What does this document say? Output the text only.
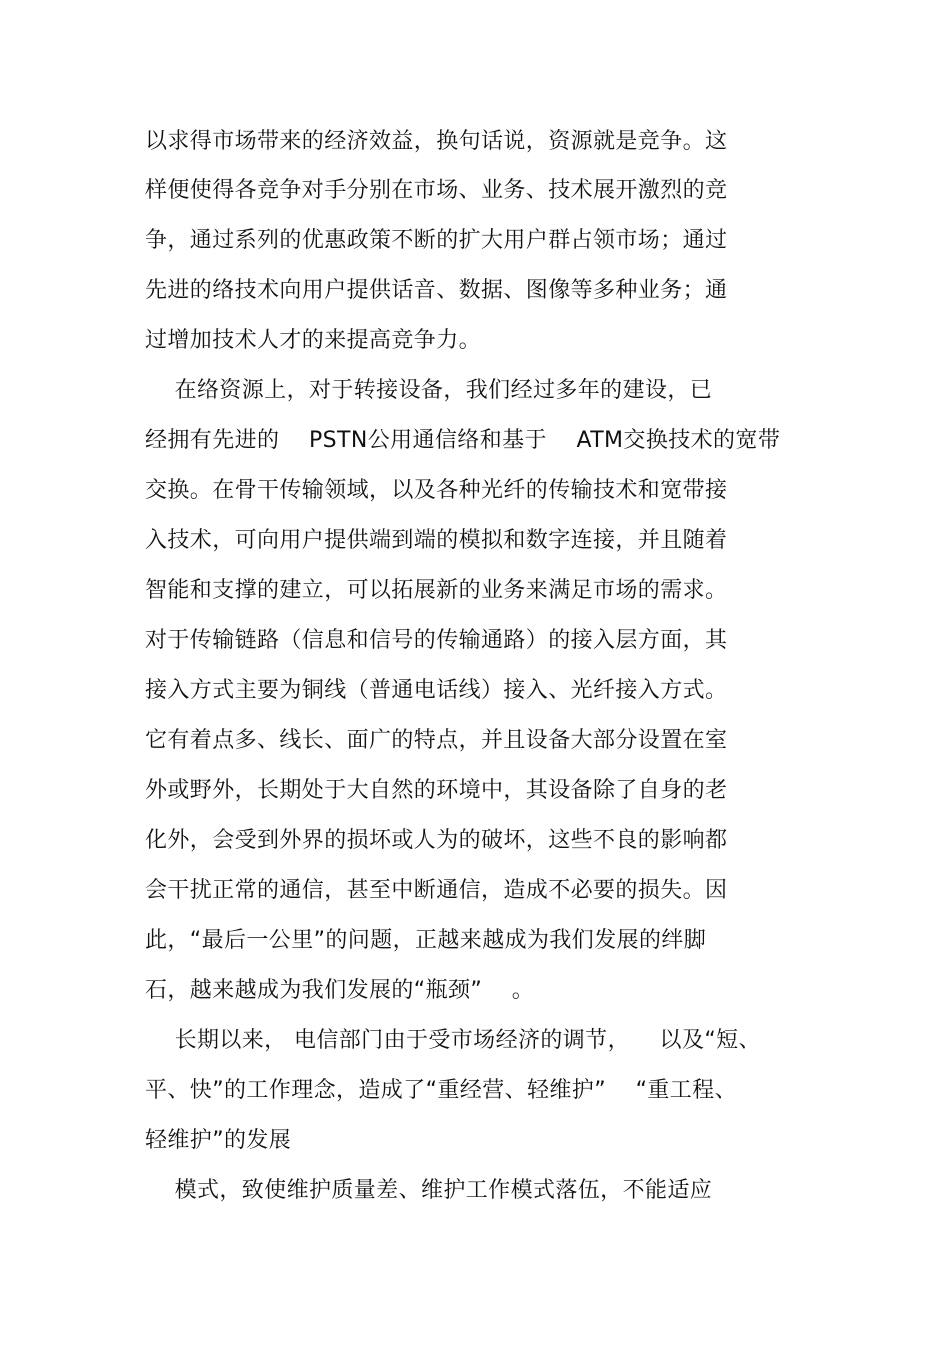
以求得市场带来的经济效益，换句话说，资源就是竞争。这
样便使得各竞争对手分别在市场、业务、技术展开激烈的竞
争，通过系列的优惠政策不断的扩大用户群占领市场；通过
先进的络技术向用户提供话音、数据、图像等多种业务；通
过增加技术人才的来提高竞争力。
在络资源上，对于转接设备，我们经过多年的建设，已
经拥有先进的    PSTN公用通信络和基于    ATM交换技术的宽带
交换。在骨干传输领域，以及各种光纤的传输技术和宽带接
入技术，可向用户提供端到端的模拟和数字连接，并且随着
智能和支撑的建立，可以拓展新的业务来满足市场的需求。
对于传输链路（信息和信号的传输通路）的接入层方面，其
接入方式主要为铜线（普通电话线）接入、光纤接入方式。
它有着点多、线长、面广的特点，并且设备大部分设置在室
外或野外，长期处于大自然的环境中，其设备除了自身的老
化外，会受到外界的损坏或人为的破坏，这些不良的影响都
会干扰正常的通信，甚至中断通信，造成不必要的损失。因
此，“最后一公里”的问题，正越来越成为我们发展的绊脚
石，越来越成为我们发展的“瓶颈”    。
长期以来， 电信部门由于受市场经济的调节，    以及“短、
平、快”的工作理念，造成了“重经营、轻维护”    “重工程、
轻维护”的发展
模式，致使维护质量差、维护工作模式落伍，不能适应
